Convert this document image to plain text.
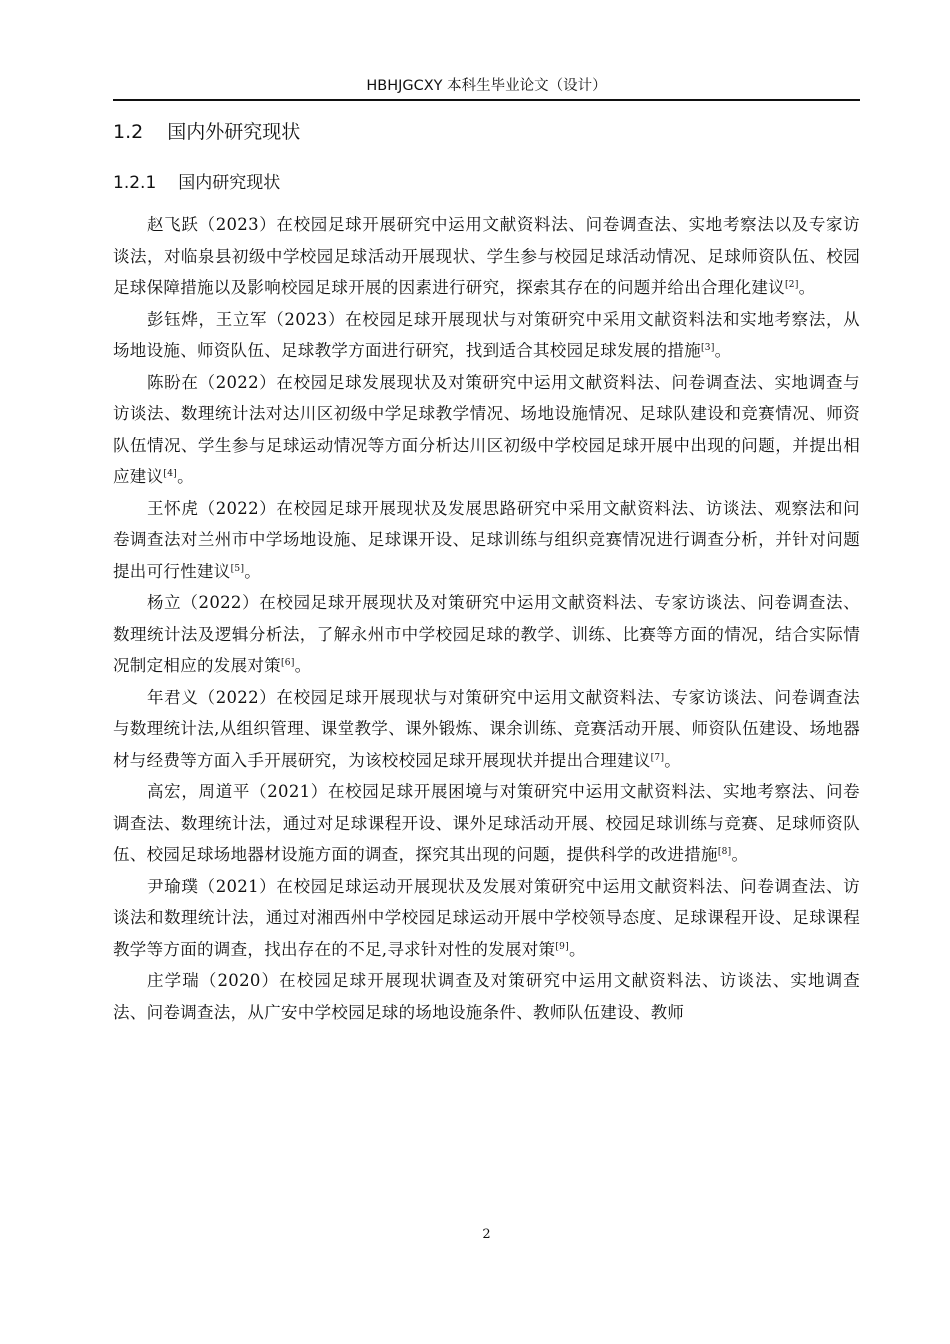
HBHJGCXY 本科生毕业论文（设计）
1.2 国内外研究现状
1.2.1 国内研究现状

赵飞跃（2023）在校园足球开展研究中运用文献资料法、问卷调查法、实地考察法以及专家访谈法，对临泉县初级中学校园足球活动开展现状、学生参与校园足球活动情况、足球师资队伍、校园足球保障措施以及影响校园足球开展的因素进行研究，探索其存在的问题并给出合理化建议[2]。

彭钰烨，王立军（2023）在校园足球开展现状与对策研究中采用文献资料法和实地考察法，从场地设施、师资队伍、足球教学方面进行研究，找到适合其校园足球发展的措施[3]。

陈盼在（2022）在校园足球发展现状及对策研究中运用文献资料法、问卷调查法、实地调查与访谈法、数理统计法对达川区初级中学足球教学情况、场地设施情况、足球队建设和竞赛情况、师资队伍情况、学生参与足球运动情况等方面分析达川区初级中学校园足球开展中出现的问题，并提出相应建议[4]。

王怀虎（2022）在校园足球开展现状及发展思路研究中采用文献资料法、访谈法、观察法和问卷调查法对兰州市中学场地设施、足球课开设、足球训练与组织竞赛情况进行调查分析，并针对问题提出可行性建议[5]。

杨立（2022）在校园足球开展现状及对策研究中运用文献资料法、专家访谈法、问卷调查法、数理统计法及逻辑分析法，了解永州市中学校园足球的教学、训练、比赛等方面的情况，结合实际情况制定相应的发展对策[6]。

年君义（2022）在校园足球开展现状与对策研究中运用文献资料法、专家访谈法、问卷调查法与数理统计法,从组织管理、课堂教学、课外锻炼、课余训练、竞赛活动开展、师资队伍建设、场地器材与经费等方面入手开展研究，为该校校园足球开展现状并提出合理建议[7]。

高宏，周道平（2021）在校园足球开展困境与对策研究中运用文献资料法、实地考察法、问卷调查法、数理统计法，通过对足球课程开设、课外足球活动开展、校园足球训练与竞赛、足球师资队伍、校园足球场地器材设施方面的调查，探究其出现的问题，提供科学的改进措施[8]。

尹瑜璞（2021）在校园足球运动开展现状及发展对策研究中运用文献资料法、问卷调查法、访谈法和数理统计法，通过对湘西州中学校园足球运动开展中学校领导态度、足球课程开设、足球课程教学等方面的调查，找出存在的不足,寻求针对性的发展对策[9]。

庄学瑞（2020）在校园足球开展现状调查及对策研究中运用文献资料法、访谈法、实地调查法、问卷调查法，从广安中学校园足球的场地设施条件、教师队伍建设、教师

2
